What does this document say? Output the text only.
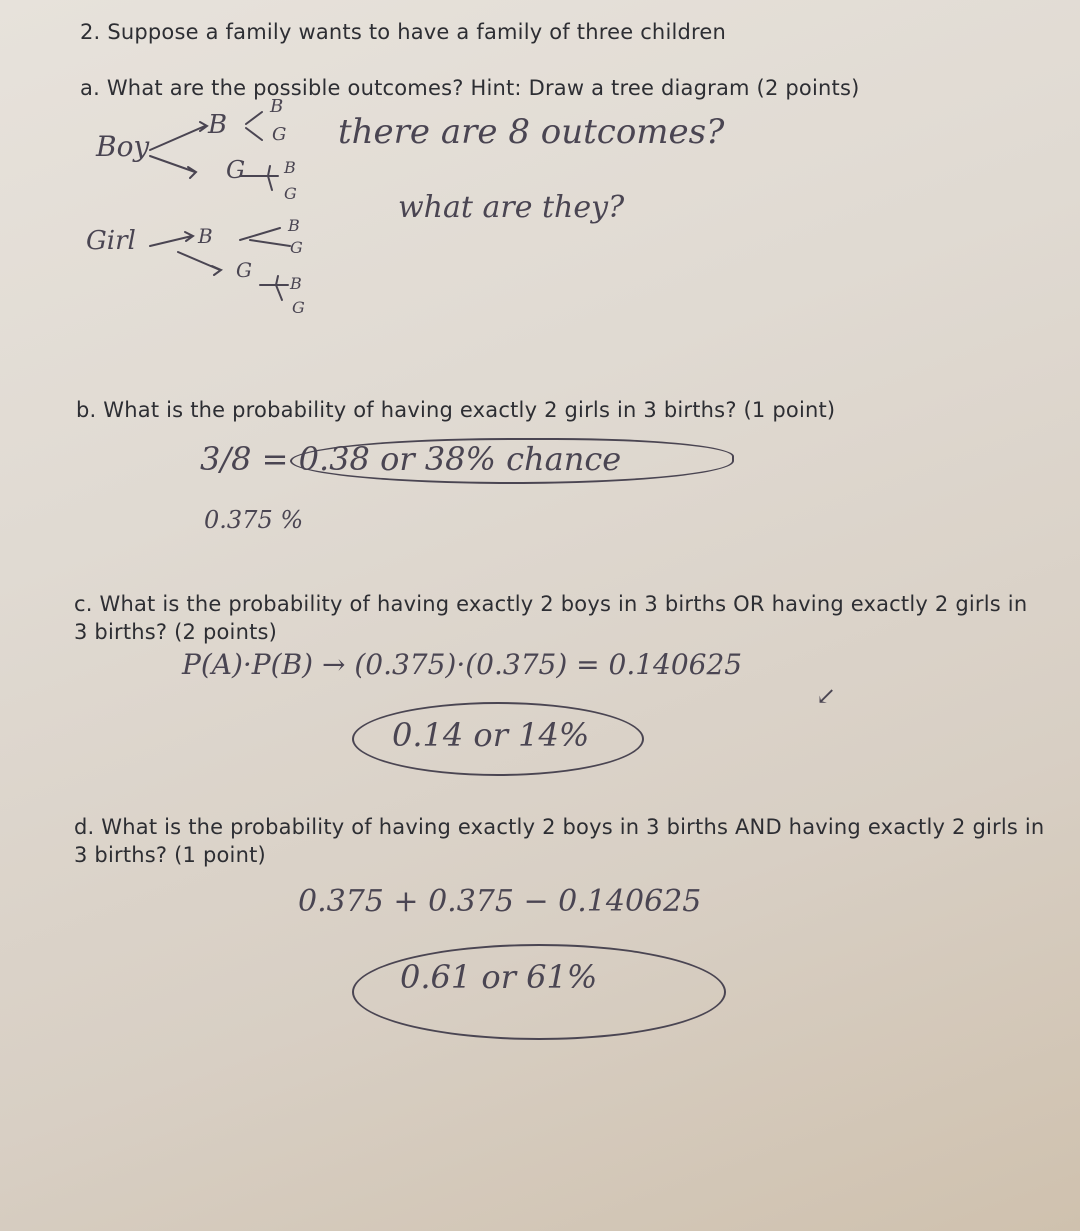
2. Suppose a family wants to have a family of three children
a. What are the possible outcomes? Hint: Draw a tree diagram (2 points)
Boy
Girl
B
G
B
G
B
G
B
G
B
G
B
G
there are 8 outcomes?
what are they?
b. What is the probability of having exactly 2 girls in 3 births? (1 point)
3/8 = 0.38 or 38% chance
0.375 %
c. What is the probability of having exactly 2 boys in 3 births OR having exactly 2 girls in 3 births? (2 points)
P(A)·P(B) → (0.375)·(0.375) = 0.140625
↙
0.14 or 14%
d. What is the probability of having exactly 2 boys in 3 births AND having exactly 2 girls in 3 births? (1 point)
0.375 + 0.375 − 0.140625
0.61 or 61%
